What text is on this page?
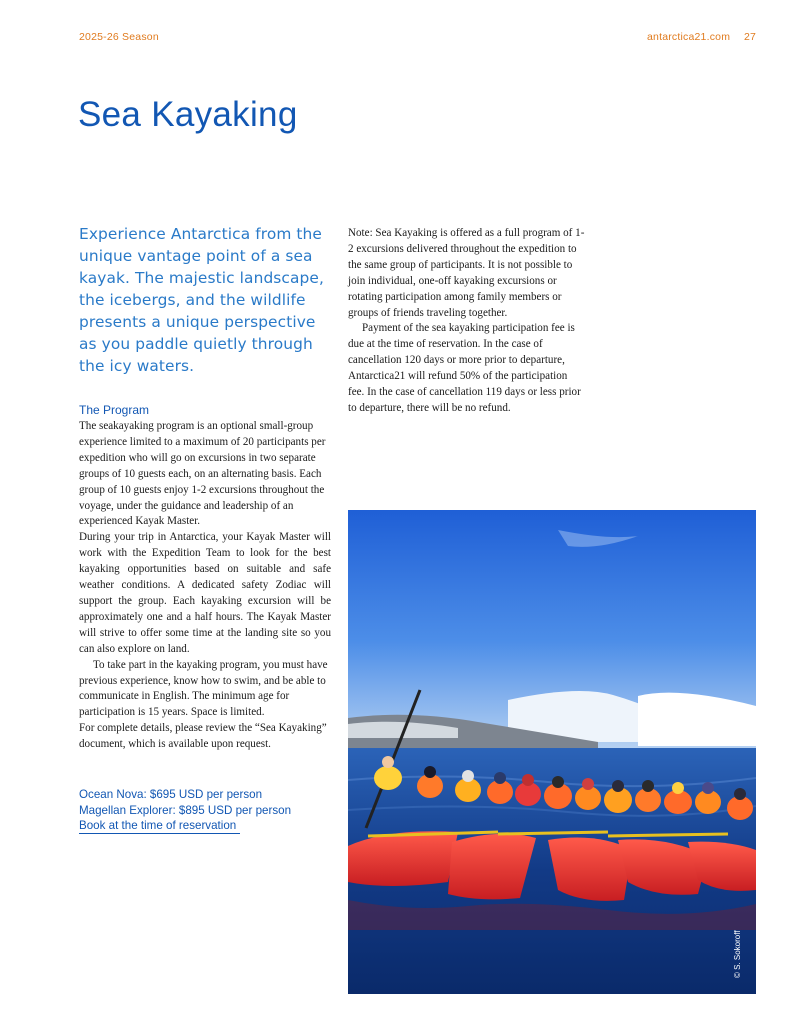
2025-26 Season	antarctica21.com 27
Sea Kayaking

Experience Antarctica from the unique vantage point of a sea kayak. The majestic landscape, the icebergs, and the wildlife presents a unique perspective as you paddle quietly through the icy waters.

The Program

The seakayaking program is an optional small-group experience limited to a maximum of 20 participants per expedition who will go on excursions in two separate groups of 10 guests each, on an alternating basis. Each group of 10 guests enjoy 1-2 excursions throughout the voyage, under the guidance and leadership of an experienced Kayak Master.

During your trip in Antarctica, your Kayak Master will work with the Expedition Team to look for the best kayaking opportunities based on suitable and safe weather conditions. A dedicated safety Zodiac will support the group. Each kayaking excursion will be approximately one and a half hours. The Kayak Master will strive to offer some time at the landing site so you can also explore on land.

To take part in the kayaking program, you must have previous experience, know how to swim, and be able to communicate in English. The minimum age for participation is 15 years. Space is limited.

For complete details, please review the “Sea Kayaking” document, which is available upon request.

Note: Sea Kayaking is offered as a full program of 1-2 excursions delivered throughout the expedition to the same group of participants. It is not possible to join individual, one-off kayaking excursions or rotating participation among family members or groups of friends traveling together.

Payment of the sea kayaking participation fee is due at the time of reservation. In the case of cancellation 120 days or more prior to departure, Antarctica21 will refund 50% of the participation fee. In the case of cancellation 119 days or less prior to departure, there will be no refund.

Ocean Nova: $695 USD per person
Magellan Explorer: $895 USD per person
Book at the time of reservation
© S. Sokoroff
